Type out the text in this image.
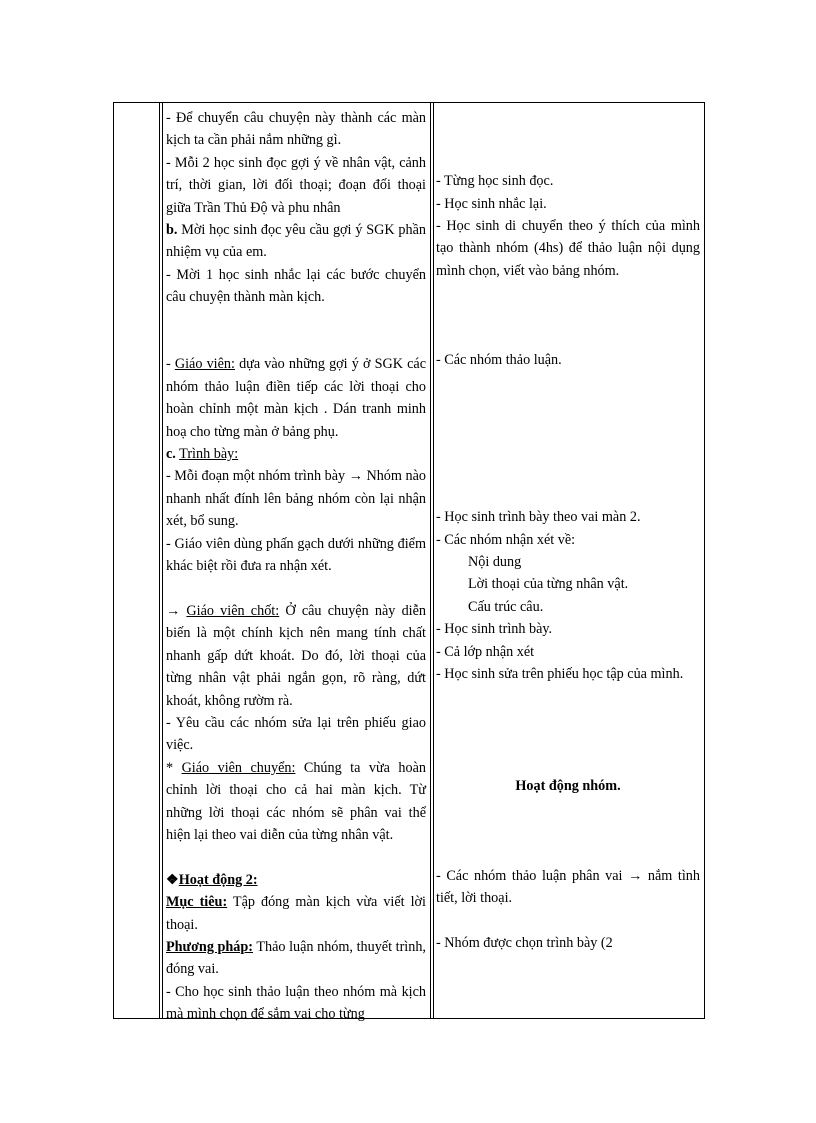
- Để chuyển câu chuyện này thành các màn kịch ta cần phải nắm những gì.

- Mỗi 2 học sinh đọc gợi ý về nhân vật, cảnh trí, thời gian, lời đối thoại; đoạn đối thoại giữa Trần Thủ Độ và phu nhân

b. Mời học sinh đọc yêu cầu gợi ý SGK phần nhiệm vụ của em.

- Mời 1 học sinh nhắc lại các bước chuyển câu chuyện thành màn kịch.

- Giáo viên: dựa vào những gợi ý ở SGK các nhóm thảo luận điền tiếp các lời thoại cho hoàn chỉnh một màn kịch . Dán tranh minh hoạ cho từng màn ở bảng phụ.

c. Trình bày:

- Mỗi đoạn một nhóm trình bày → Nhóm nào nhanh nhất đính lên bảng nhóm còn lại nhận xét, bổ sung.

- Giáo viên dùng phấn gạch dưới những điểm khác biệt rồi đưa ra nhận xét.

→ Giáo viên chốt: Ở câu chuyện này diễn biến là một chính kịch nên mang tính chất nhanh gấp dứt khoát. Do đó, lời thoại của từng nhân vật phải ngắn gọn, rõ ràng, dứt khoát, không rườm rà.

- Yêu cầu các nhóm sửa lại trên phiếu giao việc.

* Giáo viên chuyển: Chúng ta vừa hoàn chỉnh lời thoại cho cả hai màn kịch. Từ những lời thoại các nhóm sẽ phân vai thể hiện lại theo vai diễn của từng nhân vật.

❖Hoạt động 2:

Mục tiêu: Tập đóng màn kịch vừa viết lời thoại.

Phương pháp: Thảo luận nhóm, thuyết trình, đóng vai.

- Cho học sinh thảo luận theo nhóm mà kịch mà mình chọn để sắm vai cho từng

- Từng học sinh đọc.

- Học sinh nhắc lại.

- Học sinh di chuyển theo ý thích của mình tạo thành nhóm (4hs) để thảo luận nội dụng mình chọn, viết vào bảng nhóm.

- Các nhóm thảo luận.

- Học sinh trình bày theo vai màn 2.

- Các nhóm nhận xét về:

Nội dung

Lời thoại của từng nhân vật.

Cấu trúc câu.

- Học sinh trình bày.

- Cả lớp nhận xét

- Học sinh sửa trên phiếu học tập của mình.

Hoạt động nhóm.

- Các nhóm thảo luận phân vai → nắm tình tiết, lời thoại.

- Nhóm được chọn trình bày (2
